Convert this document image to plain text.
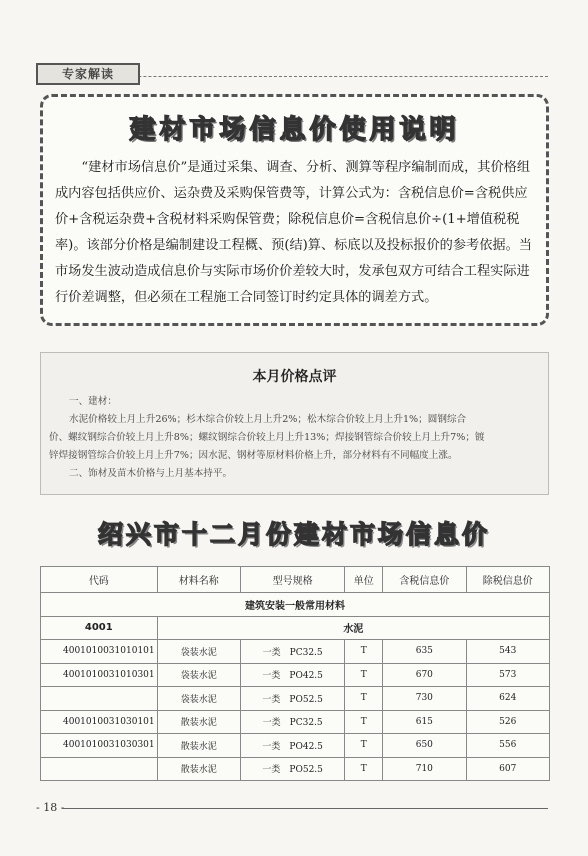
专家解读
建材市场信息价使用说明

“建材市场信息价”是通过采集、调查、分析、测算等程序编制而成，其价格组成内容包括供应价、运杂费及采购保管费等，计算公式为：含税信息价=含税供应价+含税运杂费+含税材料采购保管费；除税信息价=含税信息价÷(1+增值税税率)。该部分价格是编制建设工程概、预(结)算、标底以及投标报价的参考依据。当市场发生波动造成信息价与实际市场价价差较大时，发承包双方可结合工程实际进行价差调整，但必须在工程施工合同签订时约定具体的调差方式。

本月价格点评

一、建材：

水泥价格较上月上升26%；杉木综合价较上月上升2%；松木综合价较上月上升1%；圆钢综合

价、螺纹钢综合价较上月上升8%；螺纹钢综合价较上月上升13%；焊接钢管综合价较上月上升7%；镀

锌焊接钢管综合价较上月上升7%；因水泥、钢材等原材料价格上升，部分材料有不同幅度上涨。

二、饰材及苗木价格与上月基本持平。

绍兴市十二月份建材市场信息价
代码	材料名称	型号规格	单位	含税信息价	除税信息价
建筑安装一般常用材料					
4001	水泥				
4001010031010101	袋装水泥	一类　PC32.5	T	635	543
4001010031010301	袋装水泥	一类　PO42.5	T	670	573
	袋装水泥	一类　PO52.5	T	730	624
4001010031030101	散装水泥	一类　PC32.5	T	615	526
4001010031030301	散装水泥	一类　PO42.5	T	650	556
	散装水泥	一类　PO52.5	T	710	607
- 18 -
